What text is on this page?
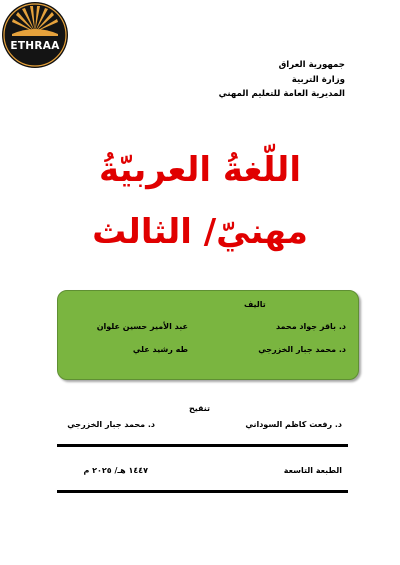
ETHRAA
جمهورية العراق
وزارة التربية
المديرية العامة للتعليم المهني
اللّغةُ العربيّةُ
مهنيّ/ الثالث
تاليف
د. باقر جواد محمد
عبد الأمير حسين علوان
د. محمد جبار الخزرجي
طه رشيد علي
تنقيح
د. رفعت كاظم السوداني
د. محمد جبار الخزرجي
الطبعة التاسعة
١٤٤٧ هـ/ ٢٠٢٥ م
